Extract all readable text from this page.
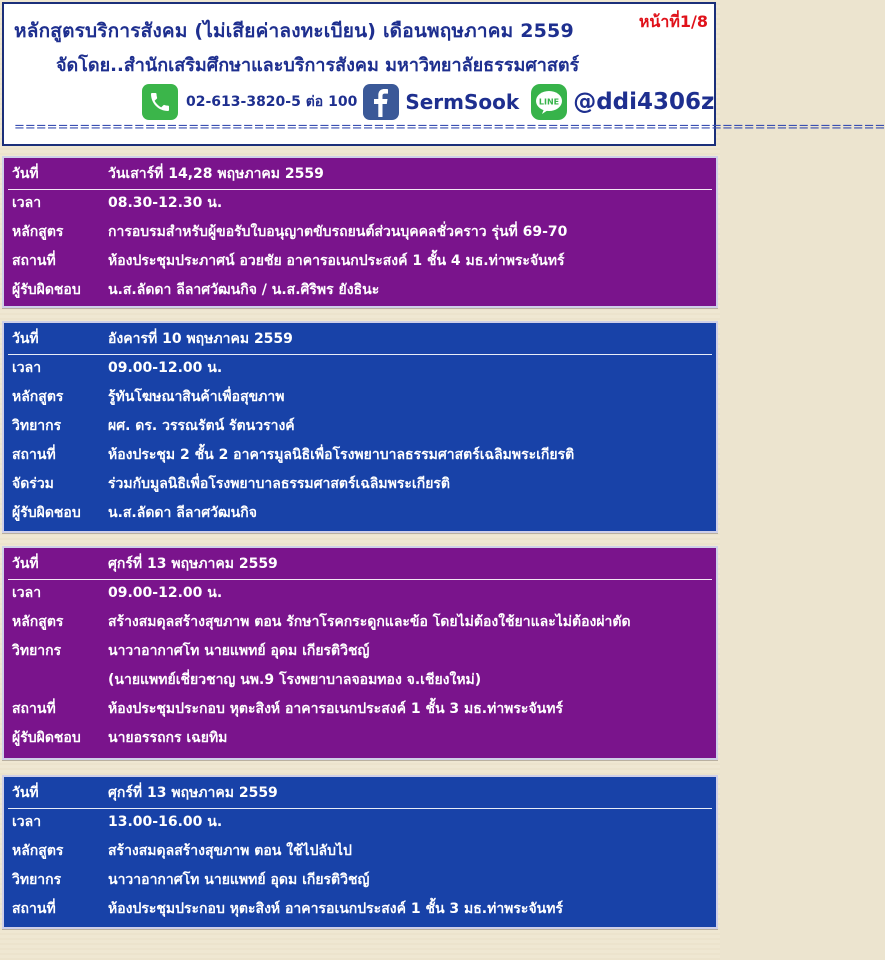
หลักสูตรบริการสังคม (ไม่เสียค่าลงทะเบียน) เดือนพฤษภาคม 2559	หน้าที่1/8
จัดโดย..สำนักเสริมศึกษาและบริการสังคม มหาวิทยาลัยธรรมศาสตร์
02-613-3820-5 ต่อ 100 SermSook LINE @ddi4306z
================================================================================
วันที่	วันเสาร์ที่ 14,28 พฤษภาคม 2559
เวลา	08.30-12.30 น.
หลักสูตร	การอบรมสำหรับผู้ขอรับใบอนุญาตขับรถยนต์ส่วนบุคคลชั่วคราว รุ่นที่ 69-70
สถานที่	ห้องประชุมประภาศน์ อวยชัย อาคารอเนกประสงค์ 1 ชั้น 4 มธ.ท่าพระจันทร์
ผู้รับผิดชอบ น.ส.ลัดดา ลีลาศวัฒนกิจ / น.ส.ศิริพร ยังธินะ
วันที่	อังคารที่ 10 พฤษภาคม 2559
เวลา	09.00-12.00 น.
หลักสูตร	รู้ทันโฆษณาสินค้าเพื่อสุขภาพ
วิทยากร	ผศ. ดร. วรรณรัตน์ รัตนวรางค์
สถานที่	ห้องประชุม 2 ชั้น 2 อาคารมูลนิธิเพื่อโรงพยาบาลธรรมศาสตร์เฉลิมพระเกียรติ
จัดร่วม	ร่วมกับมูลนิธิเพื่อโรงพยาบาลธรรมศาสตร์เฉลิมพระเกียรติ
ผู้รับผิดชอบ น.ส.ลัดดา ลีลาศวัฒนกิจ
วันที่	ศุกร์ที่ 13 พฤษภาคม 2559
เวลา	09.00-12.00 น.
หลักสูตร	สร้างสมดุลสร้างสุขภาพ ตอน รักษาโรคกระดูกและข้อ โดยไม่ต้องใช้ยาและไม่ต้องผ่าตัด
วิทยากร	นาวาอากาศโท นายแพทย์ อุดม เกียรติวิชญ์
(นายแพทย์เชี่ยวชาญ นพ.9 โรงพยาบาลจอมทอง จ.เชียงใหม่)
สถานที่	ห้องประชุมประกอบ หุตะสิงห์ อาคารอเนกประสงค์ 1 ชั้น 3 มธ.ท่าพระจันทร์
ผู้รับผิดชอบ นายอรรถกร เฉยทิม
วันที่	ศุกร์ที่ 13 พฤษภาคม 2559
เวลา	13.00-16.00 น.
หลักสูตร	สร้างสมดุลสร้างสุขภาพ ตอน ใช้ไปลับไป
วิทยากร	นาวาอากาศโท นายแพทย์ อุดม เกียรติวิชญ์
สถานที่	ห้องประชุมประกอบ หุตะสิงห์ อาคารอเนกประสงค์ 1 ชั้น 3 มธ.ท่าพระจันทร์
